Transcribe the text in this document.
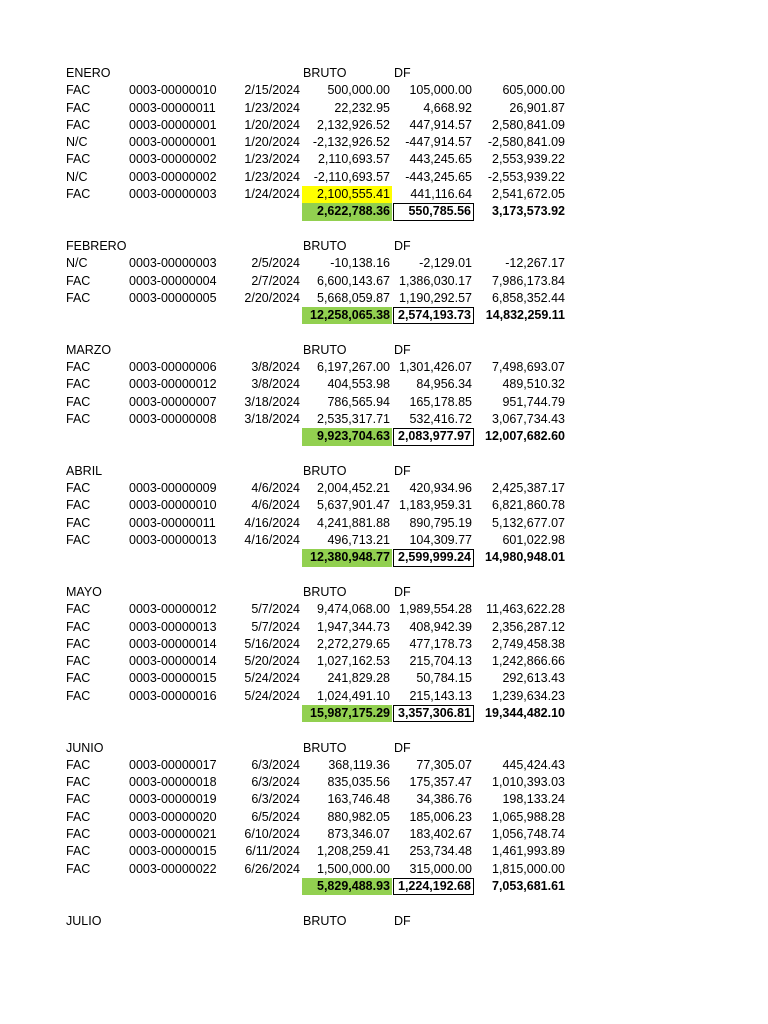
ENERO	BRUTO	DF
FAC	0003-00000010	2/15/2024	500,000.00	105,000.00	605,000.00
FAC	0003-00000011	1/23/2024	22,232.95	4,668.92	26,901.87
FAC	0003-00000001	1/20/2024	2,132,926.52	447,914.57	2,580,841.09
N/C	0003-00000001	1/20/2024	-2,132,926.52	-447,914.57	-2,580,841.09
FAC	0003-00000002	1/23/2024	2,110,693.57	443,245.65	2,553,939.22
N/C	0003-00000002	1/23/2024	-2,110,693.57	-443,245.65	-2,553,939.22
FAC	0003-00000003	1/24/2024	2,100,555.41	441,116.64	2,541,672.05
2,622,788.36	550,785.56	3,173,573.92
FEBRERO	BRUTO	DF
N/C	0003-00000003	2/5/2024	-10,138.16	-2,129.01	-12,267.17
FAC	0003-00000004	2/7/2024	6,600,143.67 1,386,030.17	7,986,173.84
FAC	0003-00000005	2/20/2024	5,668,059.87 1,190,292.57	6,858,352.44
12,258,065.38 2,574,193.73	14,832,259.11
MARZO	BRUTO	DF
FAC	0003-00000006	3/8/2024	6,197,267.00 1,301,426.07	7,498,693.07
FAC	0003-00000012	3/8/2024	404,553.98	84,956.34	489,510.32
FAC	0003-00000007	3/18/2024	786,565.94	165,178.85	951,744.79
FAC	0003-00000008	3/18/2024	2,535,317.71	532,416.72	3,067,734.43
9,923,704.63 2,083,977.97	12,007,682.60
ABRIL	BRUTO	DF
FAC	0003-00000009	4/6/2024	2,004,452.21	420,934.96	2,425,387.17
FAC	0003-00000010	4/6/2024	5,637,901.47 1,183,959.31	6,821,860.78
FAC	0003-00000011	4/16/2024	4,241,881.88	890,795.19	5,132,677.07
FAC	0003-00000013	4/16/2024	496,713.21	104,309.77	601,022.98
12,380,948.77 2,599,999.24	14,980,948.01
MAYO	BRUTO	DF
FAC	0003-00000012	5/7/2024	9,474,068.00 1,989,554.28	11,463,622.28
FAC	0003-00000013	5/7/2024	1,947,344.73	408,942.39	2,356,287.12
FAC	0003-00000014	5/16/2024	2,272,279.65	477,178.73	2,749,458.38
FAC	0003-00000014	5/20/2024	1,027,162.53	215,704.13	1,242,866.66
FAC	0003-00000015	5/24/2024	241,829.28	50,784.15	292,613.43
FAC	0003-00000016	5/24/2024	1,024,491.10	215,143.13	1,239,634.23
15,987,175.29 3,357,306.81	19,344,482.10
JUNIO	BRUTO	DF
FAC	0003-00000017	6/3/2024	368,119.36	77,305.07	445,424.43
FAC	0003-00000018	6/3/2024	835,035.56	175,357.47	1,010,393.03
FAC	0003-00000019	6/3/2024	163,746.48	34,386.76	198,133.24
FAC	0003-00000020	6/5/2024	880,982.05	185,006.23	1,065,988.28
FAC	0003-00000021	6/10/2024	873,346.07	183,402.67	1,056,748.74
FAC	0003-00000015	6/11/2024	1,208,259.41	253,734.48	1,461,993.89
FAC	0003-00000022	6/26/2024	1,500,000.00	315,000.00	1,815,000.00
5,829,488.93 1,224,192.68	7,053,681.61
JULIO	BRUTO	DF
